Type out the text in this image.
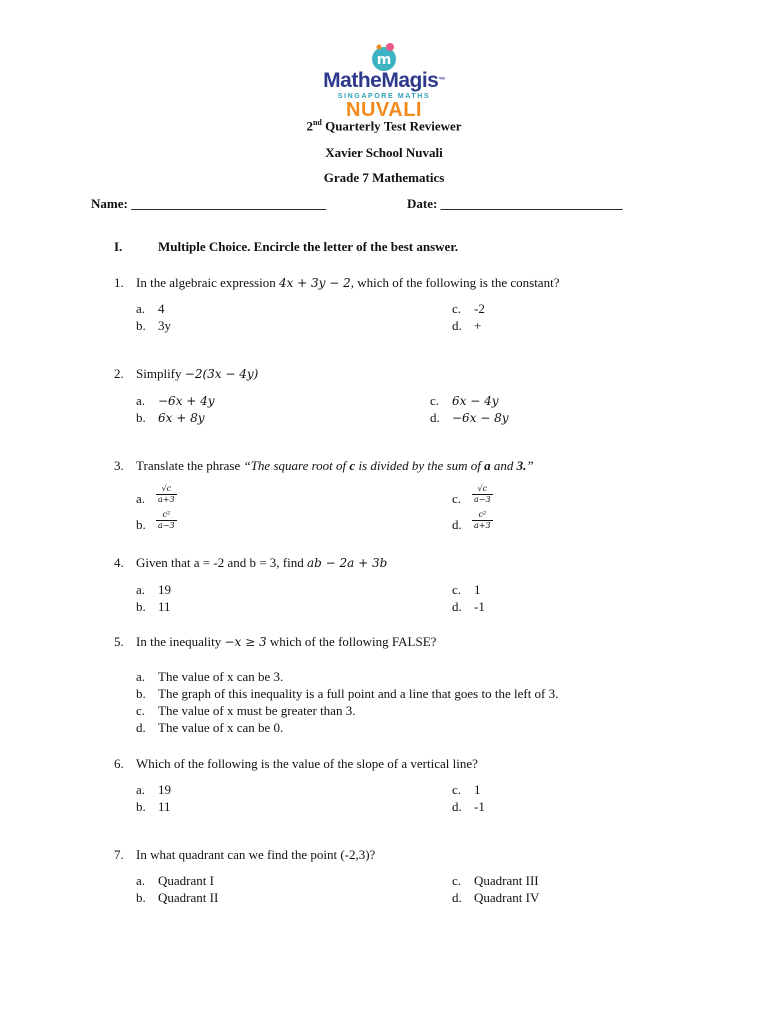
m
MatheMagis™
SINGAPORE MATHS
NUVALI
2nd Quarterly Test Reviewer
Xavier School Nuvali
Grade 7 Mathematics
Name: ______________________________	Date: ____________________________
I.	Multiple Choice. Encircle the letter of the best answer.
1. In the algebraic expression 4x + 3y − 2, which of the following is the constant?
a. 4
b. 3y
c. -2
d. +
2. Simplify −2(3x − 4y)
a. −6x + 4y
b. 6x + 8y
c. 6x − 4y
d. −6x − 8y
3. Translate the phrase “The square root of c is divided by the sum of a and 3.”
a. $\frac{√c}{a+3}$
b. $\frac{\text{c²}}{a-3}$
c. $\frac{√c}{a-3}$
d. $\frac{\text{c²}}{a+3}$
4. Given that a = -2 and b = 3, find ab − 2a + 3b
a. 19
b. 11
c. 1
d. -1
5. In the inequality −x ≥ 3 which of the following FALSE?
a. The value of x can be 3.
b. The graph of this inequality is a full point and a line that goes to the left of 3.
c. The value of x must be greater than 3.
d. The value of x can be 0.
6. Which of the following is the value of the slope of a vertical line?
a. 19
b. 11
c. 1
d. -1
7. In what quadrant can we find the point (-2,3)?
a. Quadrant I
b. Quadrant II
c. Quadrant III
d. Quadrant IV
